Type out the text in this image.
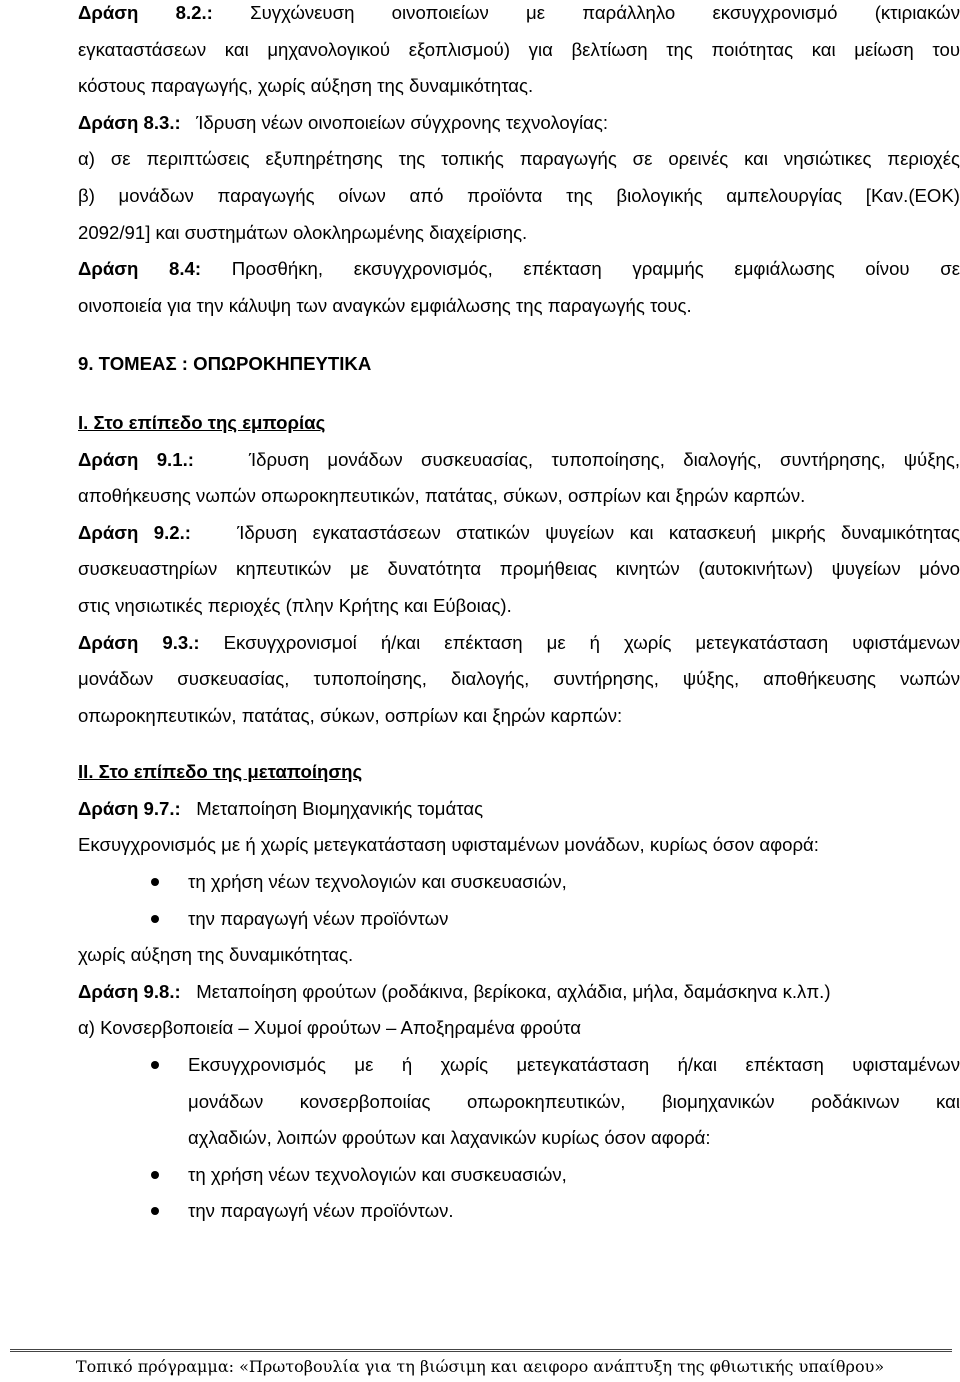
Δράση 8.2.: Συγχώνευση οινοποιείων με παράλληλο εκσυγχρονισμό (κτιριακών

εγκαταστάσεων και μηχανολογικού εξοπλισμού) για βελτίωση της ποιότητας και μείωση του

κόστους παραγωγής, χωρίς αύξηση της δυναμικότητας.

Δράση 8.3.: Ίδρυση νέων οινοποιείων σύγχρονης τεχνολογίας:

α) σε περιπτώσεις εξυπηρέτησης της τοπικής παραγωγής σε ορεινές και νησιώτικες περιοχές

β) μονάδων παραγωγής οίνων από προϊόντα της βιολογικής αμπελουργίας [Καν.(ΕΟΚ)

2092/91] και συστημάτων ολοκληρωμένης διαχείρισης.

Δράση 8.4: Προσθήκη, εκσυγχρονισμός, επέκταση γραμμής εμφιάλωσης οίνου σε

οινοποιεία για την κάλυψη των αναγκών εμφιάλωσης της παραγωγής τους.

9. ΤΟΜΕΑΣ : ΟΠΩΡΟΚΗΠΕΥΤΙΚΑ

Ι. Στο επίπεδο της εμπορίας

Δράση 9.1.:	Ίδρυση μονάδων συσκευασίας, τυποποίησης, διαλογής, συντήρησης, ψύξης,

αποθήκευσης νωπών οπωροκηπευτικών, πατάτας, σύκων, οσπρίων και ξηρών καρπών.

Δράση 9.2.: Ίδρυση εγκαταστάσεων στατικών ψυγείων και κατασκευή μικρής δυναμικότητας

συσκευαστηρίων κηπευτικών με δυνατότητα προμήθειας κινητών (αυτοκινήτων) ψυγείων μόνο

στις νησιωτικές περιοχές (πλην Κρήτης και Εύβοιας).

Δράση 9.3.: Εκσυγχρονισμοί ή/και επέκταση με ή χωρίς μετεγκατάσταση υφιστάμενων

μονάδων συσκευασίας, τυποποίησης, διαλογής, συντήρησης, ψύξης, αποθήκευσης νωπών

οπωροκηπευτικών, πατάτας, σύκων, οσπρίων και ξηρών καρπών:

ΙΙ. Στο επίπεδο της μεταποίησης

Δράση 9.7.: Μεταποίηση Βιομηχανικής τομάτας

Εκσυγχρονισμός με ή χωρίς μετεγκατάσταση υφισταμένων μονάδων, κυρίως όσον αφορά:

τη χρήση νέων τεχνολογιών και συσκευασιών,
την παραγωγή νέων προϊόντων

χωρίς αύξηση της δυναμικότητας.

Δράση 9.8.: Μεταποίηση φρούτων (ροδάκινα, βερίκοκα, αχλάδια, μήλα, δαμάσκηνα κ.λπ.)

α) Κονσερβοποιεία – Χυμοί φρούτων – Αποξηραμένα φρούτα

Εκσυγχρονισμός με ή χωρίς μετεγκατάσταση ή/και επέκταση υφισταμένων
μονάδων κονσερβοποιίας οπωροκηπευτικών, βιομηχανικών ροδάκινων και
αχλαδιών, λοιπών φρούτων και λαχανικών κυρίως όσον αφορά:
τη χρήση νέων τεχνολογιών και συσκευασιών,
την παραγωγή νέων προϊόντων.
Τοπικό πρόγραμμα: «Πρωτοβουλία για τη βιώσιμη και αειφορο ανάπτυξη της φθιωτικής υπαίθρου»
